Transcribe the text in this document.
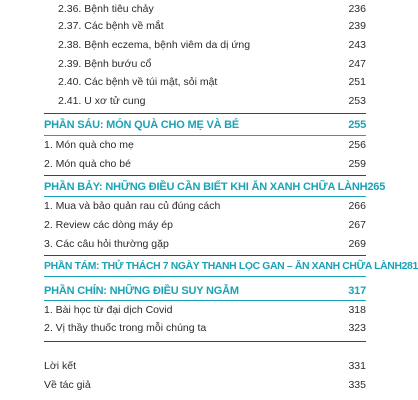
2.36. Bệnh tiêu chảy	236
2.37. Các bệnh về mắt	239
2.38. Bệnh eczema, bệnh viêm da dị ứng	243
2.39. Bệnh bướu cổ	247
2.40. Các bệnh về túi mật, sỏi mật	251
2.41. U xơ tử cung	253
PHẦN SÁU: MÓN QUÀ CHO MẸ VÀ BÉ	255
1. Món quà cho mẹ	256
2. Món quà cho bé	259
PHẦN BẢY: NHỮNG ĐIỀU CẦN BIẾT KHI ĂN XANH CHỮA LÀNH 265
1. Mua và bảo quản rau củ đúng cách	266
2. Review các dòng máy ép	267
3. Các câu hỏi thường gặp	269
PHẦN TÁM: THỬ THÁCH 7 NGÀY THANH LỌC GAN – ĂN XANH CHỮA LÀNH 281
PHẦN CHÍN: NHỮNG ĐIỀU SUY NGẪM	317
1. Bài học từ đại dịch Covid	318
2. Vị thầy thuốc trong mỗi chúng ta	323
Lời kết	331
Về tác giả	335
